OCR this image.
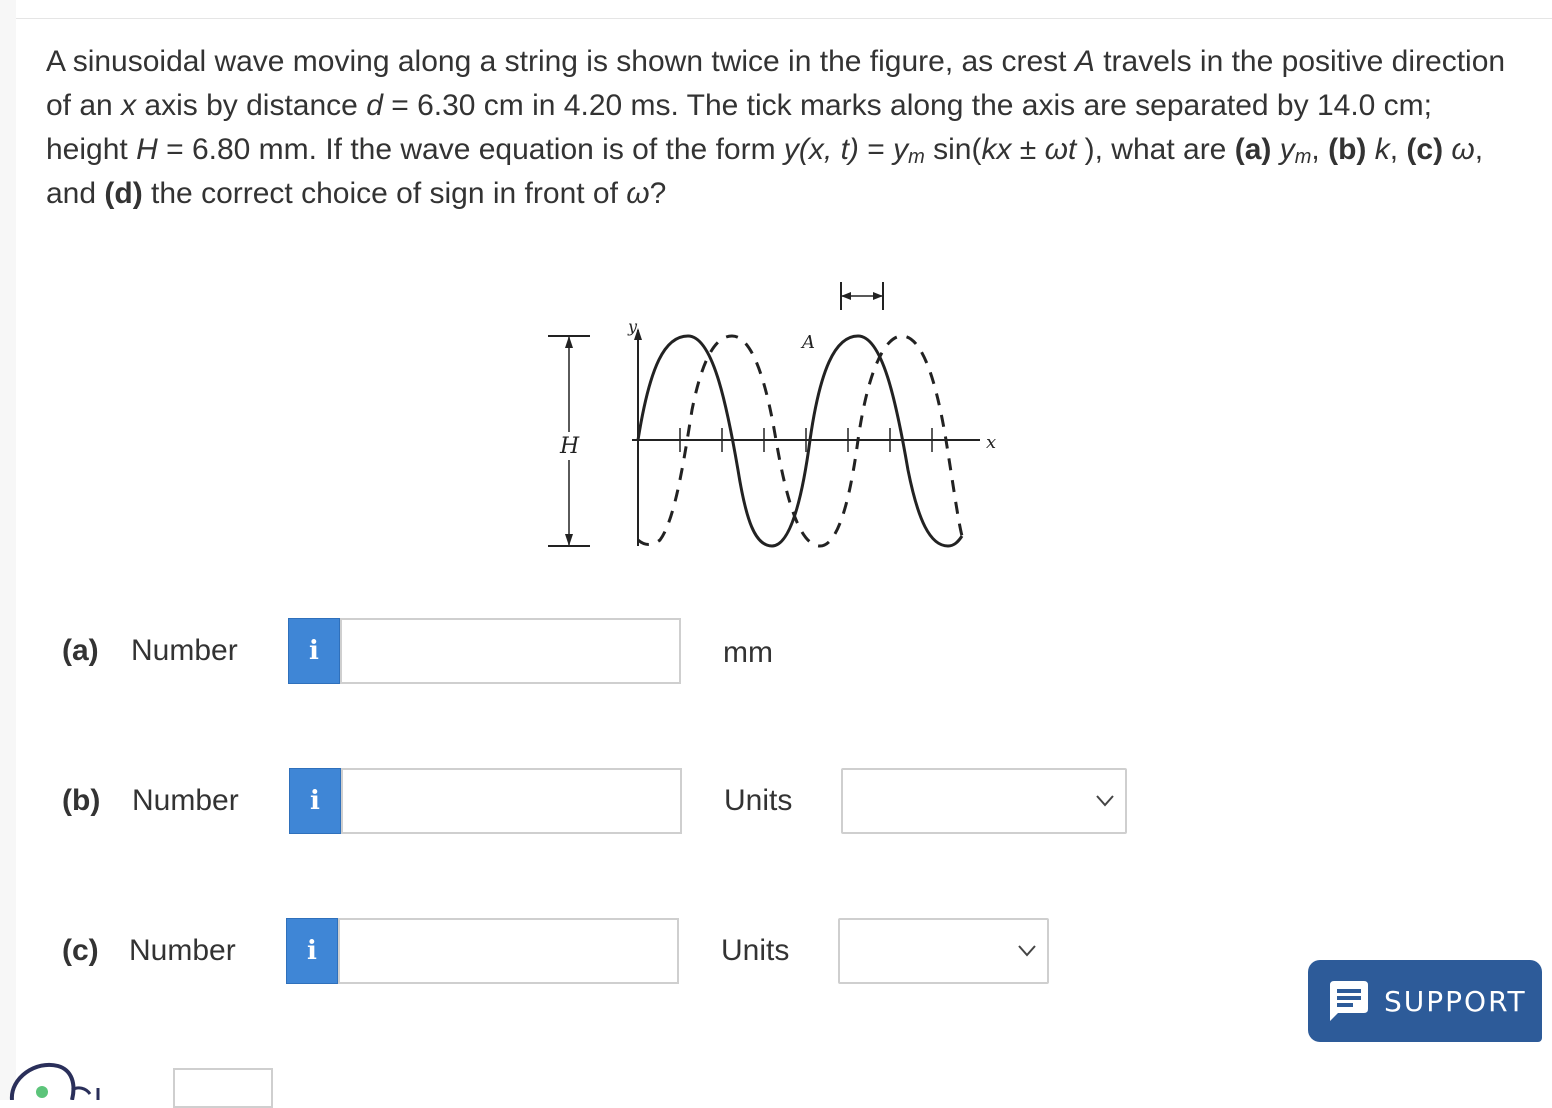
A sinusoidal wave moving along a string is shown twice in the figure, as crest A travels in the positive direction of an x axis by distance d = 6.30 cm in 4.20 ms. The tick marks along the axis are separated by 14.0 cm; height H = 6.80 mm. If the wave equation is of the form y(x, $t) = y_m$ sin(kx ± ωt ), what are (a) $y_m$, (b) k, (c) ω, and (d) the correct choice of sign in front of ω?
H
y
x
A
(a) Number	i	mm
(b) Number	i	Units
(c) Number	i	Units
SUPPORT
